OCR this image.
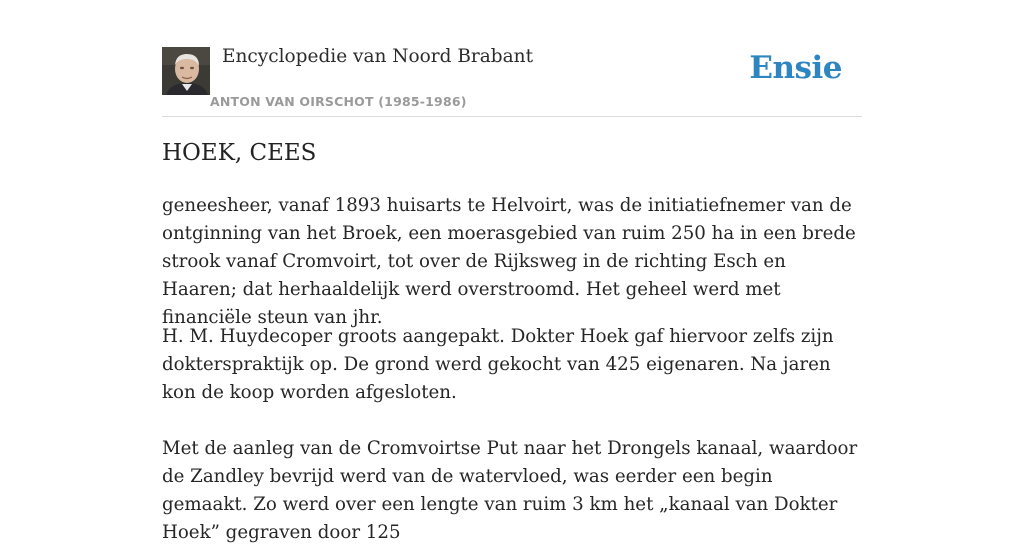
Encyclopedie van Noord Brabant
ANTON VAN OIRSCHOT (1985-1986)
Ensie
HOEK, CEES

geneesheer, vanaf 1893 huisarts te Helvoirt, was de initiatiefnemer van de ontginning van het Broek, een moerasgebied van ruim 250 ha in een brede strook vanaf Cromvoirt, tot over de Rijksweg in de richting Esch en Haaren; dat herhaaldelijk werd overstroomd. Het geheel werd met financiële steun van jhr.

H. M. Huydecoper groots aangepakt. Dokter Hoek gaf hiervoor zelfs zijn dokterspraktijk op. De grond werd gekocht van 425 eigenaren. Na jaren kon de koop worden afgesloten.

Met de aanleg van de Cromvoirtse Put naar het Drongels kanaal, waardoor de Zandley bevrijd werd van de watervloed, was eerder een begin gemaakt. Zo werd over een lengte van ruim 3 km het „kanaal van Dokter Hoek” gegraven door 125
